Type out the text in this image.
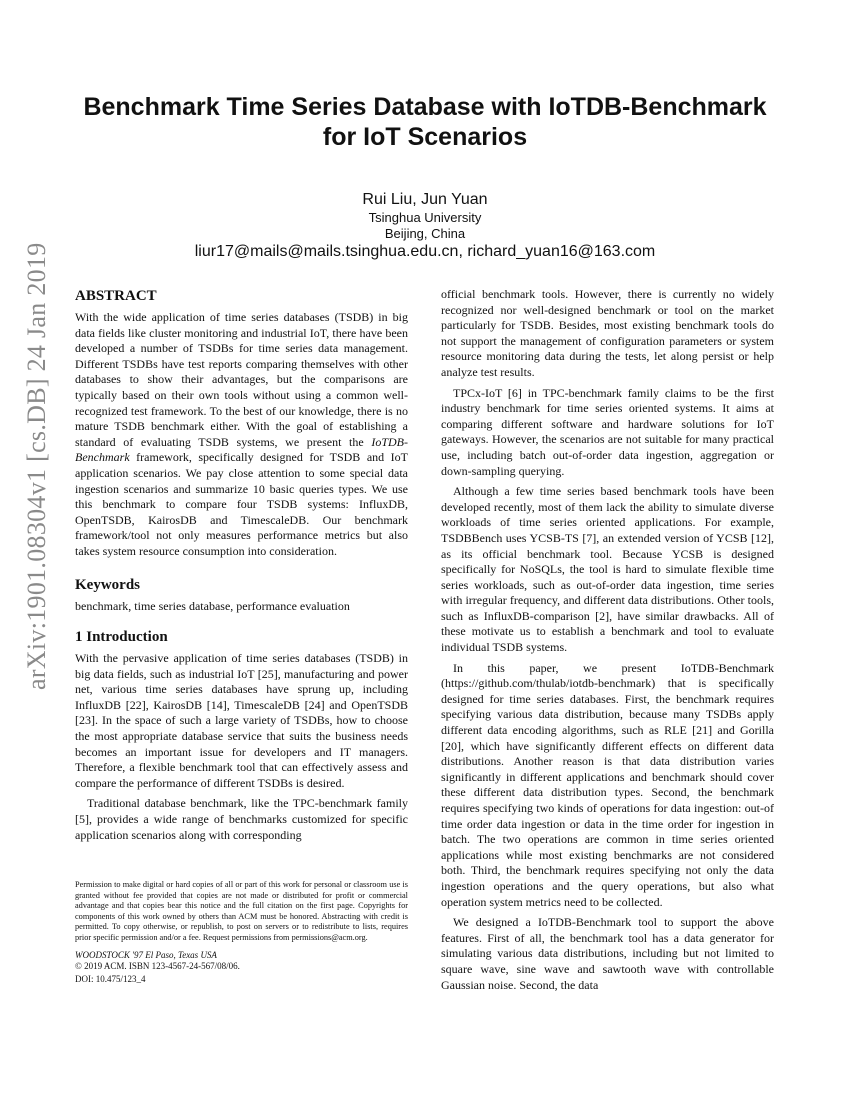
arXiv:1901.08304v1 [cs.DB] 24 Jan 2019
Benchmark Time Series Database with IoTDB-Benchmark
for IoT Scenarios
Rui Liu, Jun Yuan
Tsinghua University
Beijing, China
liur17@mails@mails.tsinghua.edu.cn, richard_yuan16@163.com
ABSTRACT

With the wide application of time series databases (TSDB) in big data fields like cluster monitoring and industrial IoT, there have been developed a number of TSDBs for time series data management. Different TSDBs have test reports comparing themselves with other databases to show their advantages, but the comparisons are typically based on their own tools without using a common well-recognized test framework. To the best of our knowledge, there is no mature TSDB benchmark either. With the goal of establishing a standard of evaluating TSDB systems, we present the IoTDB-Benchmark framework, specifically designed for TSDB and IoT application scenarios. We pay close attention to some special data ingestion scenarios and summarize 10 basic queries types. We use this benchmark to compare four TSDB systems: InfluxDB, OpenTSDB, KairosDB and TimescaleDB. Our benchmark framework/tool not only measures performance metrics but also takes system resource consumption into consideration.

Keywords

benchmark, time series database, performance evaluation

1 Introduction

With the pervasive application of time series databases (TSDB) in big data fields, such as industrial IoT [25], manufacturing and power net, various time series databases have sprung up, including InfluxDB [22], KairosDB [14], TimescaleDB [24] and OpenTSDB [23]. In the space of such a large variety of TSDBs, how to choose the most appropriate database service that suits the business needs becomes an important issue for developers and IT managers. Therefore, a flexible benchmark tool that can effectively assess and compare the performance of different TSDBs is desired.

Traditional database benchmark, like the TPC-benchmark family [5], provides a wide range of benchmarks customized for specific application scenarios along with corresponding

Permission to make digital or hard copies of all or part of this work for personal or classroom use is granted without fee provided that copies are not made or distributed for profit or commercial advantage and that copies bear this notice and the full citation on the first page. Copyrights for components of this work owned by others than ACM must be honored. Abstracting with credit is permitted. To copy otherwise, or republish, to post on servers or to redistribute to lists, requires prior specific permission and/or a fee. Request permissions from permissions@acm.org.

WOODSTOCK '97 El Paso, Texas USA

© 2019 ACM. ISBN 123-4567-24-567/08/06.

DOI: 10.475/123_4

official benchmark tools. However, there is currently no widely recognized nor well-designed benchmark or tool on the market particularly for TSDB. Besides, most existing benchmark tools do not support the management of configuration parameters or system resource monitoring data during the tests, let along persist or help analyze test results.

TPCx-IoT [6] in TPC-benchmark family claims to be the first industry benchmark for time series oriented systems. It aims at comparing different software and hardware solutions for IoT gateways. However, the scenarios are not suitable for many practical use, including batch out-of-order data ingestion, aggregation or down-sampling querying.

Although a few time series based benchmark tools have been developed recently, most of them lack the ability to simulate diverse workloads of time series oriented applications. For example, TSDBBench uses YCSB-TS [7], an extended version of YCSB [12], as its official benchmark tool. Because YCSB is designed specifically for NoSQLs, the tool is hard to simulate flexible time series workloads, such as out-of-order data ingestion, time series with irregular frequency, and different data distributions. Other tools, such as InfluxDB-comparison [2], have similar drawbacks. All of these motivate us to establish a benchmark and tool to evaluate individual TSDB systems.

In this paper, we present IoTDB-Benchmark (https://github.com/thulab/iotdb-benchmark) that is specifically designed for time series databases. First, the benchmark requires specifying various data distribution, because many TSDBs apply different data encoding algorithms, such as RLE [21] and Gorilla [20], which have significantly different effects on different data distributions. Another reason is that data distribution varies significantly in different applications and benchmark should cover these different data distribution types. Second, the benchmark requires specifying two kinds of operations for data ingestion: out-of time order data ingestion or data in the time order for ingestion in batch. The two operations are common in time series oriented applications while most existing benchmarks are not considered both. Third, the benchmark requires specifying not only the data ingestion operations and the query operations, but also what operation system metrics need to be collected.

We designed a IoTDB-Benchmark tool to support the above features. First of all, the benchmark tool has a data generator for simulating various data distributions, including but not limited to square wave, sine wave and sawtooth wave with controllable Gaussian noise. Second, the data
